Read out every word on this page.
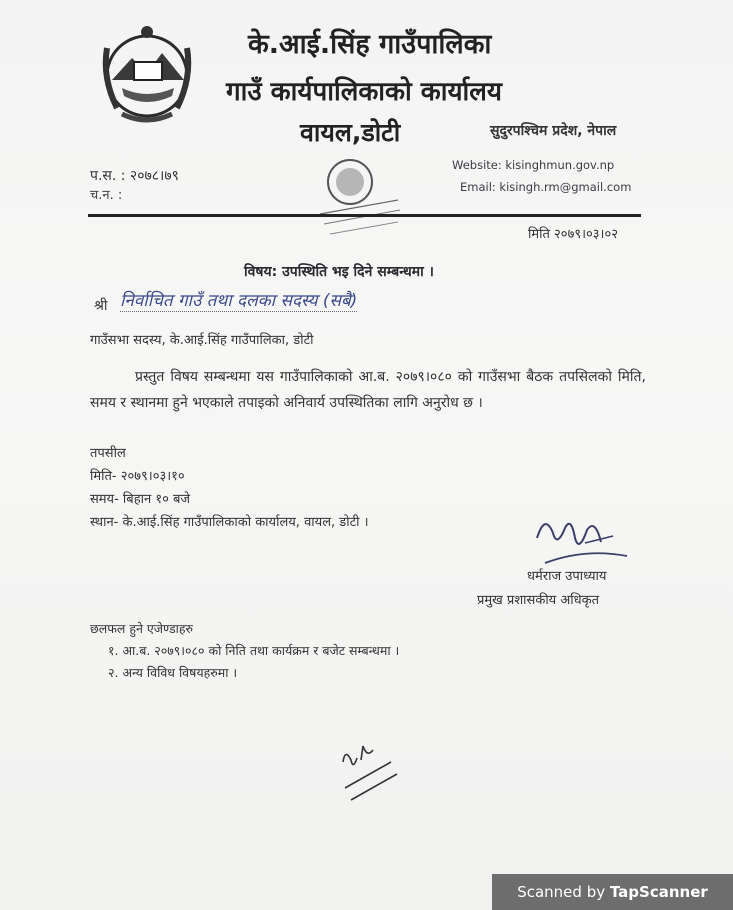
के.आई.सिंह गाउँपालिका
गाउँ कार्यपालिकाको कार्यालय
वायल,डोटी	सुदुरपश्चिम प्रदेश, नेपाल
प.स. : २०७८।७९
च.न. :
Website: kisinghmun.gov.np
Email: kisingh.rm@gmail.com
मिति २०७९।०३।०२
विषय: उपस्थिति भइ दिने सम्बन्धमा ।
श्री निर्वाचित गाउँ तथा दलका सदस्य (सबै)
गाउँसभा सदस्य, के.आई.सिंह गाउँपालिका, डोटी

प्रस्तुत विषय सम्बन्धमा यस गाउँपालिकाको आ.ब. २०७९।०८० को गाउँसभा बैठक तपसिलको मिति, समय र स्थानमा हुने भएकाले तपाइको अनिवार्य उपस्थितिका लागि अनुरोध छ ।

तपसील
मिति- २०७९।०३।१०
समय- बिहान १० बजे
स्थान- के.आई.सिंह गाउँपालिकाको कार्यालय, वायल, डोटी ।
धर्मराज उपाध्याय
प्रमुख प्रशासकीय अधिकृत
छलफल हुने एजेण्डाहरु
१. आ.ब. २०७९।०८० को निति तथा कार्यक्रम र बजेट सम्बन्धमा ।
२. अन्य विविध विषयहरुमा ।
Scanned by TapScanner
